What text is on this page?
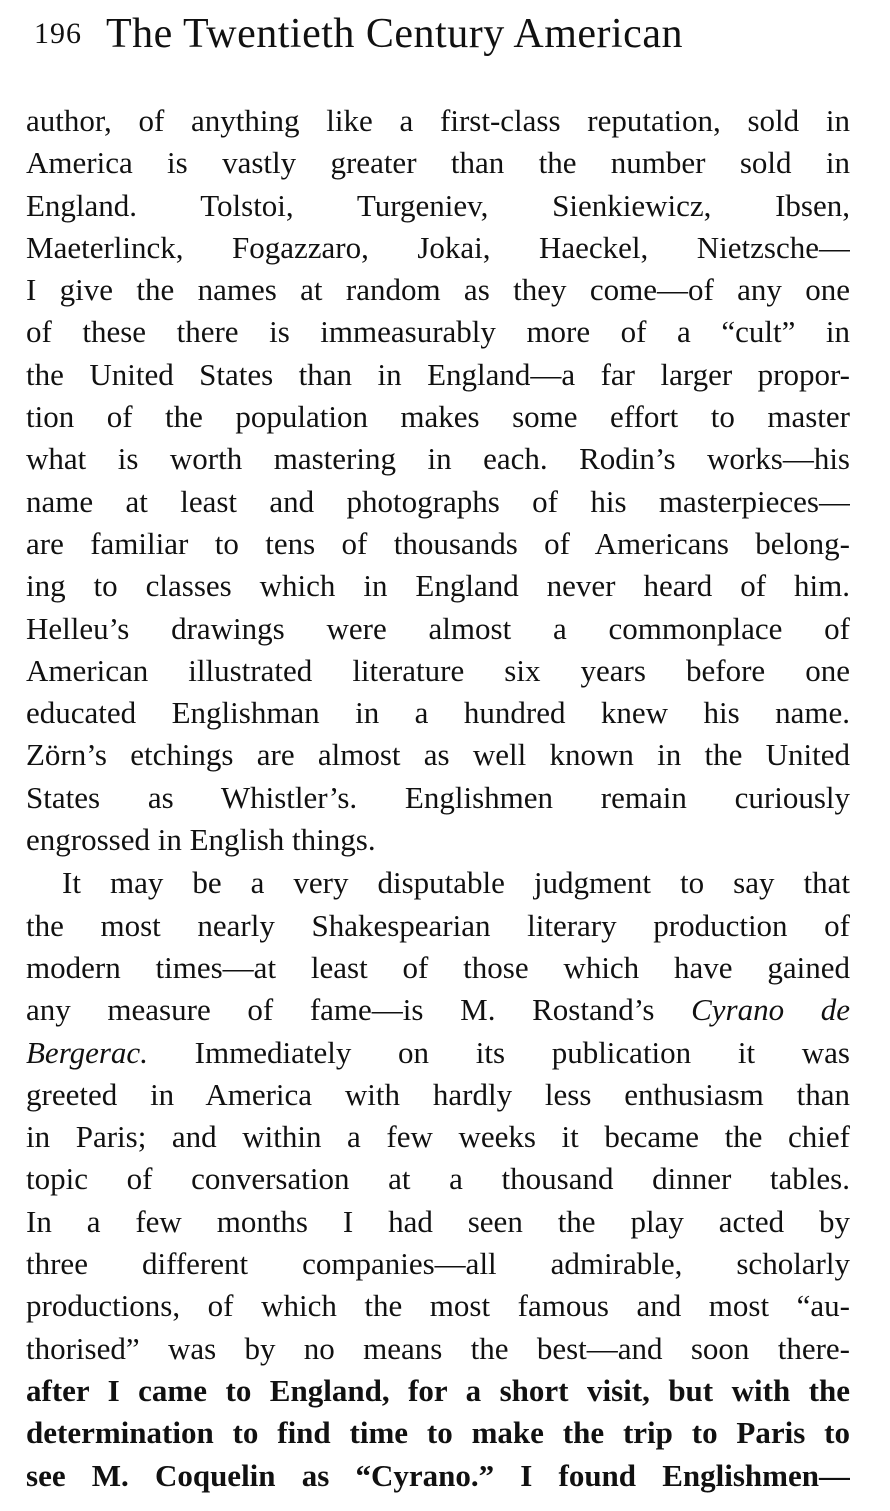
196 The Twentieth Century American
author, of anything like a first-class reputation, sold in
America is vastly greater than the number sold in
England. Tolstoi, Turgeniev, Sienkiewicz, Ibsen,
Maeterlinck, Fogazzaro, Jokai, Haeckel, Nietzsche—
I give the names at random as they come—of any one
of these there is immeasurably more of a “cult” in
the United States than in England—a far larger propor-
tion of the population makes some effort to master
what is worth mastering in each. Rodin’s works—his
name at least and photographs of his masterpieces—
are familiar to tens of thousands of Americans belong-
ing to classes which in England never heard of him.
Helleu’s drawings were almost a commonplace of
American illustrated literature six years before one
educated Englishman in a hundred knew his name.
Zörn’s etchings are almost as well known in the United
States as Whistler’s. Englishmen remain curiously
engrossed in English things.
It may be a very disputable judgment to say that
the most nearly Shakespearian literary production of
modern times—at least of those which have gained
any measure of fame—is M. Rostand’s Cyrano de
Bergerac. Immediately on its publication it was
greeted in America with hardly less enthusiasm than
in Paris; and within a few weeks it became the chief
topic of conversation at a thousand dinner tables.
In a few months I had seen the play acted by
three different companies—all admirable, scholarly
productions, of which the most famous and most “au-
thorised” was by no means the best—and soon there-
after I came to England, for a short visit, but with the
determination to find time to make the trip to Paris to
see M. Coquelin as “Cyrano.” I found Englishmen—
